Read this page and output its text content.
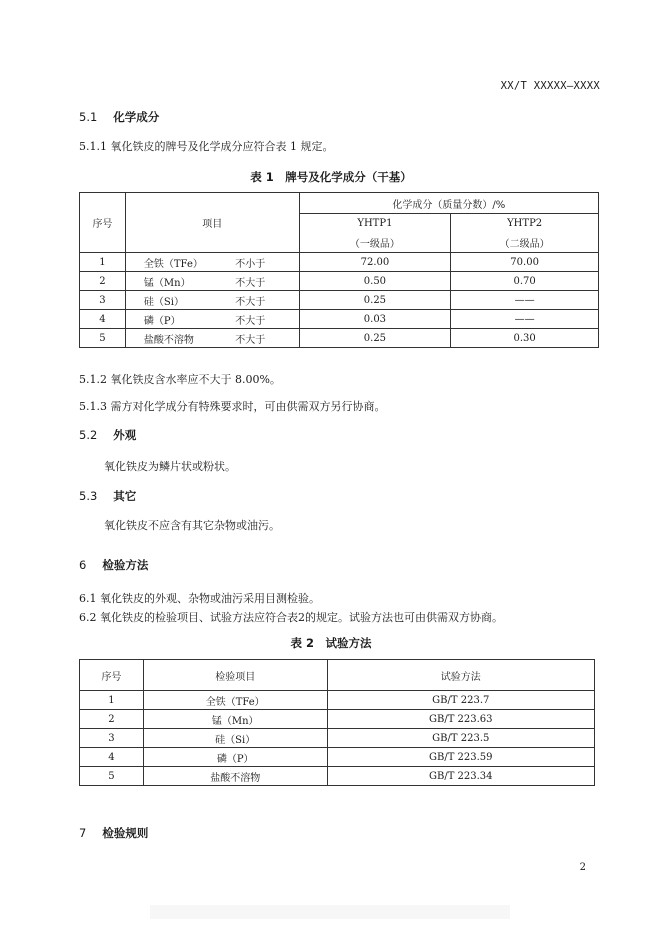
XX/T XXXXX—XXXX
5.1 化学成分
5.1.1 氧化铁皮的牌号及化学成分应符合表 1 规定。
表 1　牌号及化学成分（干基）
序号	项目		化学成分（质量分数）/%	
			YHTP1	YHTP2
			（一级品）	（二级品）
1	全铁（TFe）	不小于	72.00	70.00
2	锰（Mn）	不大于	0.50	0.70
3	硅（Si）	不大于	0.25	——
4	磷（P）	不大于	0.03	——
5	盐酸不溶物	不大于	0.25	0.30
5.1.2 氧化铁皮含水率应不大于 8.00%。
5.1.3 需方对化学成分有特殊要求时，可由供需双方另行协商。
5.2 外观
氧化铁皮为鳞片状或粉状。
5.3 其它
氧化铁皮不应含有其它杂物或油污。
6 检验方法
6.1 氧化铁皮的外观、杂物或油污采用目测检验。
6.2 氧化铁皮的检验项目、试验方法应符合表2的规定。试验方法也可由供需双方协商。
表 2　试验方法
序号	检验项目	试验方法
1	全铁（TFe）	GB/T 223.7
2	锰（Mn）	GB/T 223.63
3	硅（Si）	GB/T 223.5
4	磷（P）	GB/T 223.59
5	盐酸不溶物	GB/T 223.34
7 检验规则
2
